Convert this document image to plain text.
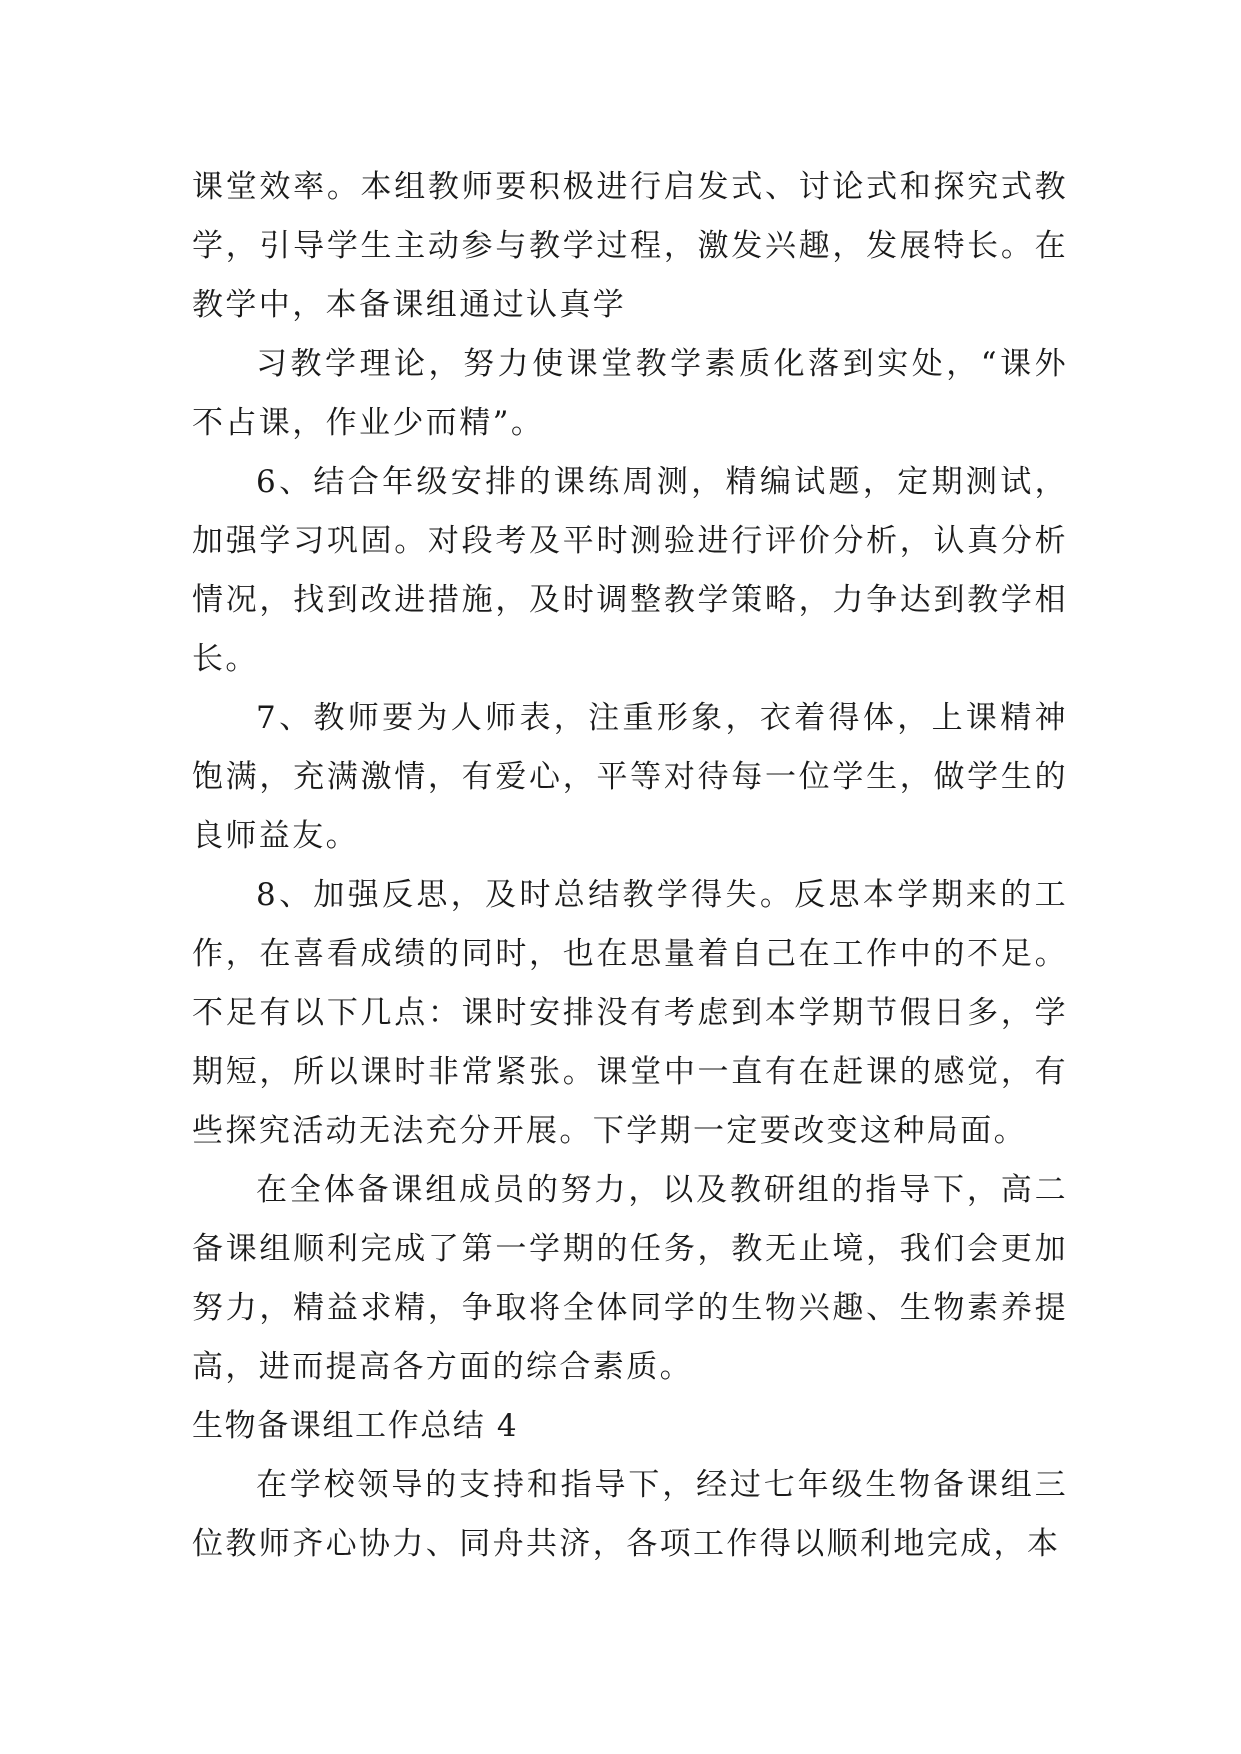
课堂效率。本组教师要积极进行启发式、讨论式和探究式教学，引导学生主动参与教学过程，激发兴趣，发展特长。在教学中，本备课组通过认真学

习教学理论，努力使课堂教学素质化落到实处，“课外不占课，作业少而精”。

6、结合年级安排的课练周测，精编试题，定期测试，加强学习巩固。对段考及平时测验进行评价分析，认真分析情况，找到改进措施，及时调整教学策略，力争达到教学相长。

7、教师要为人师表，注重形象，衣着得体，上课精神饱满，充满激情，有爱心，平等对待每一位学生，做学生的良师益友。

8、加强反思，及时总结教学得失。反思本学期来的工作，在喜看成绩的同时，也在思量着自己在工作中的不足。不足有以下几点：课时安排没有考虑到本学期节假日多，学期短，所以课时非常紧张。课堂中一直有在赶课的感觉，有些探究活动无法充分开展。下学期一定要改变这种局面。

在全体备课组成员的努力，以及教研组的指导下，高二备课组顺利完成了第一学期的任务，教无止境，我们会更加努力，精益求精，争取将全体同学的生物兴趣、生物素养提高，进而提高各方面的综合素质。

生物备课组工作总结 4

在学校领导的支持和指导下，经过七年级生物备课组三位教师齐心协力、同舟共济，各项工作得以顺利地完成，本
